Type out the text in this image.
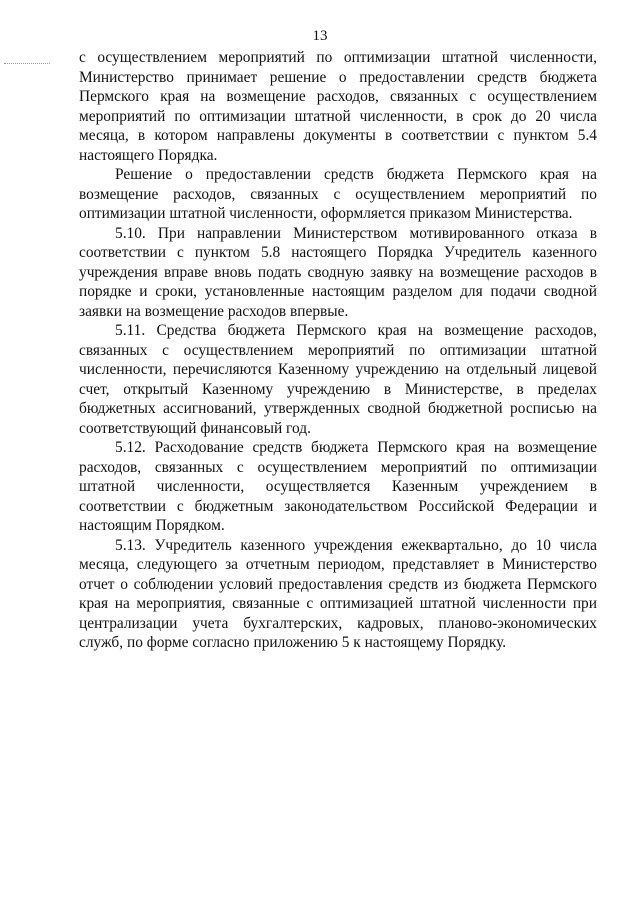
13

с осуществлением мероприятий по оптимизации штатной численности, Министерство принимает решение о предоставлении средств бюджета Пермского края на возмещение расходов, связанных с осуществлением мероприятий по оптимизации штатной численности, в срок до 20 числа месяца, в котором направлены документы в соответствии с пунктом 5.4 настоящего Порядка.

Решение о предоставлении средств бюджета Пермского края на возмещение расходов, связанных с осуществлением мероприятий по оптимизации штатной численности, оформляется приказом Министерства.

5.10. При направлении Министерством мотивированного отказа в соответствии с пунктом 5.8 настоящего Порядка Учредитель казенного учреждения вправе вновь подать сводную заявку на возмещение расходов в порядке и сроки, установленные настоящим разделом для подачи сводной заявки на возмещение расходов впервые.

5.11. Средства бюджета Пермского края на возмещение расходов, связанных с осуществлением мероприятий по оптимизации штатной численности, перечисляются Казенному учреждению на отдельный лицевой счет, открытый Казенному учреждению в Министерстве, в пределах бюджетных ассигнований, утвержденных сводной бюджетной росписью на соответствующий финансовый год.

5.12. Расходование средств бюджета Пермского края на возмещение расходов, связанных с осуществлением мероприятий по оптимизации штатной численности, осуществляется Казенным учреждением в соответствии с бюджетным законодательством Российской Федерации и настоящим Порядком.

5.13. Учредитель казенного учреждения ежеквартально, до 10 числа месяца, следующего за отчетным периодом, представляет в Министерство отчет о соблюдении условий предоставления средств из бюджета Пермского края на мероприятия, связанные с оптимизацией штатной численности при централизации учета бухгалтерских, кадровых, планово-экономических служб, по форме согласно приложению 5 к настоящему Порядку.
